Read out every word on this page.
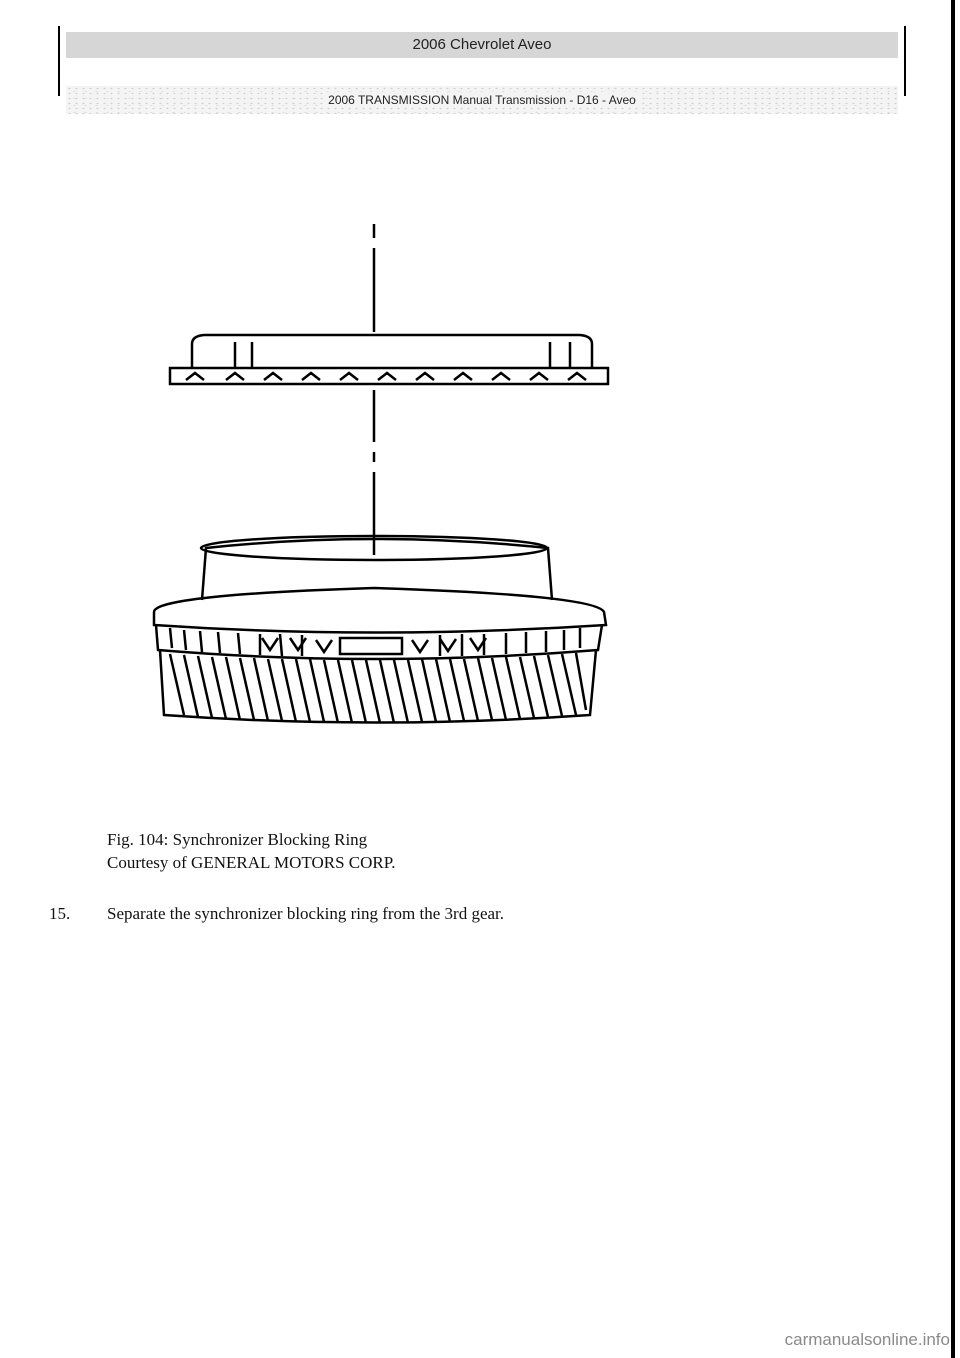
2006 Chevrolet Aveo
2006 TRANSMISSION Manual Transmission - D16 - Aveo
Fig. 104: Synchronizer Blocking Ring
Courtesy of GENERAL MOTORS CORP.
15. Separate the synchronizer blocking ring from the 3rd gear.
carmanualsonline.info
